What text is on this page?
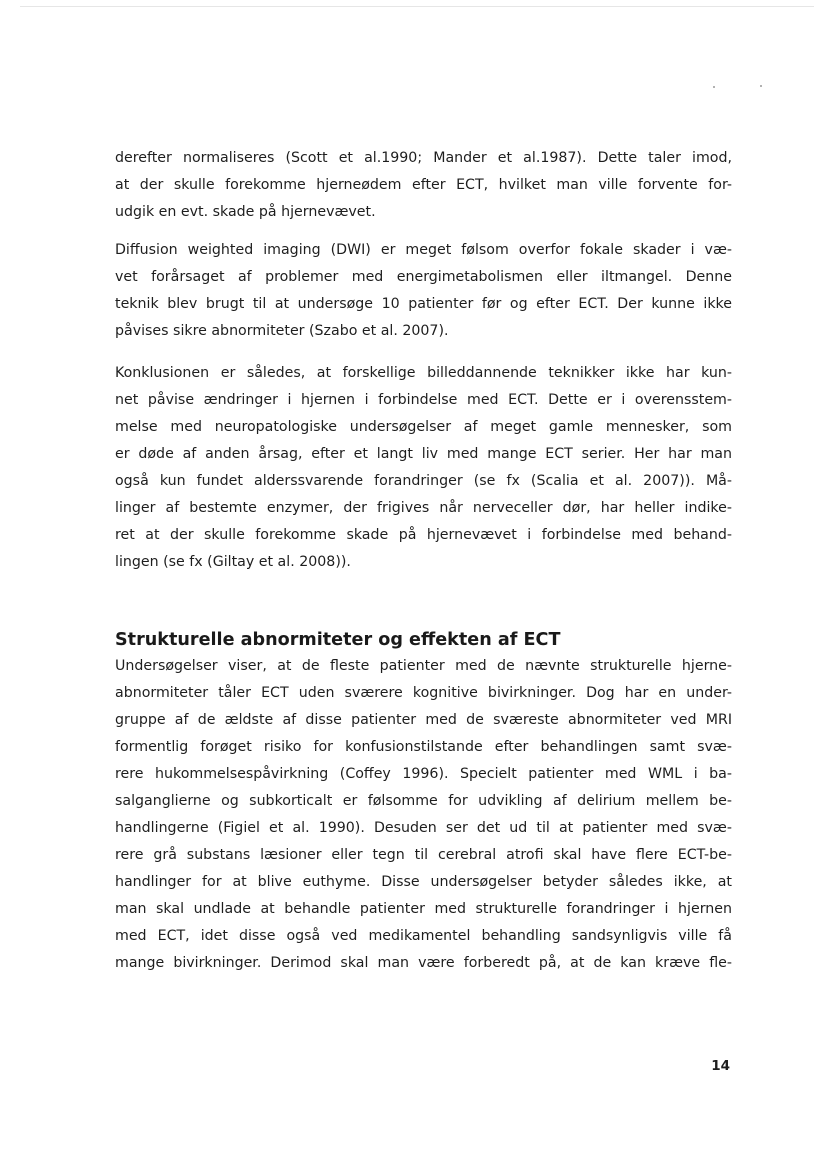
derefter normaliseres (Scott et al.1990; Mander et al.1987). Dette taler imod,
at der skulle forekomme hjerneødem efter ECT, hvilket man ville forvente for-
udgik en evt. skade på hjernevævet.

Diffusion weighted imaging (DWI) er meget følsom overfor fokale skader i væ-
vet forårsaget af problemer med energimetabolismen eller iltmangel. Denne
teknik blev brugt til at undersøge 10 patienter før og efter ECT. Der kunne ikke
påvises sikre abnormiteter (Szabo et al. 2007).

Konklusionen er således, at forskellige billeddannende teknikker ikke har kun-
net påvise ændringer i hjernen i forbindelse med ECT. Dette er i overensstem-
melse med neuropatologiske undersøgelser af meget gamle mennesker, som
er døde af anden årsag, efter et langt liv med mange ECT serier. Her har man
også kun fundet alderssvarende forandringer (se fx (Scalia et al. 2007)). Må-
linger af bestemte enzymer, der frigives når nerveceller dør, har heller indike-
ret at der skulle forekomme skade på hjernevævet i forbindelse med behand-
lingen (se fx (Giltay et al. 2008)).

Strukturelle abnormiteter og effekten af ECT

Undersøgelser viser, at de fleste patienter med de nævnte strukturelle hjerne-
abnormiteter tåler ECT uden sværere kognitive bivirkninger. Dog har en under-
gruppe af de ældste af disse patienter med de sværeste abnormiteter ved MRI
formentlig forøget risiko for konfusionstilstande efter behandlingen samt svæ-
rere hukommelsespåvirkning (Coffey 1996). Specielt patienter med WML i ba-
salganglierne og subkorticalt er følsomme for udvikling af delirium mellem be-
handlingerne (Figiel et al. 1990). Desuden ser det ud til at patienter med svæ-
rere grå substans læsioner eller tegn til cerebral atrofi skal have flere ECT-be-
handlinger for at blive euthyme. Disse undersøgelser betyder således ikke, at
man skal undlade at behandle patienter med strukturelle forandringer i hjernen
med ECT, idet disse også ved medikamentel behandling sandsynligvis ville få
mange bivirkninger. Derimod skal man være forberedt på, at de kan kræve fle-

14
